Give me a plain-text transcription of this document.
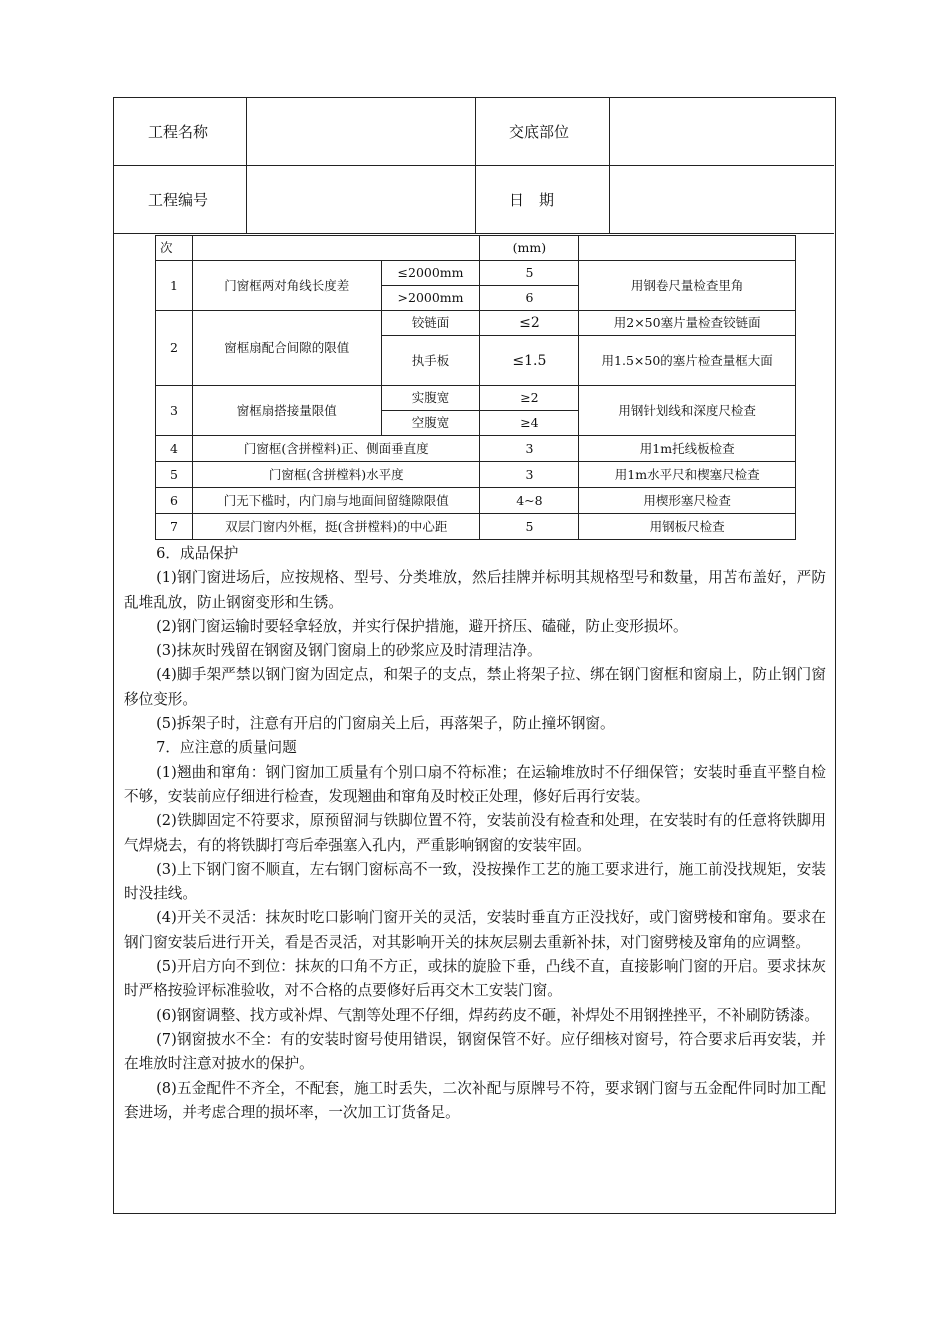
工程名称	交底部位
工程编号	日　期
次			(mm)	
1	门窗框两对角线长度差	≤2000mm	5	用钢卷尺量检查里角
		>2000mm	6	
2	窗框扇配合间隙的限值	铰链面	≤2	用2×50塞片量检查铰链面
		执手板	≤1.5	用1.5×50的塞片检查量框大面
3	窗框扇搭接量限值	实腹宽	≥2	用钢针划线和深度尺检查
		空腹宽	≥4	
4	门窗框(含拼樘料)正、侧面垂直度		3	用1m托线板检查
5	门窗框(含拼樘料)水平度		3	用1m水平尺和楔塞尺检查
6	门无下槛时，内门扇与地面间留缝隙限值		4~8	用楔形塞尺检查
7	双层门窗内外框，挺(含拼樘料)的中心距		5	用钢板尺检查

6．成品保护

(1)钢门窗进场后，应按规格、型号、分类堆放，然后挂牌并标明其规格型号和数量，用苫布盖好，严防乱堆乱放，防止钢窗变形和生锈。

(2)钢门窗运输时要轻拿轻放，并实行保护措施，避开挤压、磕碰，防止变形损坏。

(3)抹灰时残留在钢窗及钢门窗扇上的砂浆应及时清理洁净。

(4)脚手架严禁以钢门窗为固定点，和架子的支点，禁止将架子拉、绑在钢门窗框和窗扇上，防止钢门窗移位变形。

(5)拆架子时，注意有开启的门窗扇关上后，再落架子，防止撞坏钢窗。

7．应注意的质量问题

(1)翘曲和窜角：钢门窗加工质量有个别口扇不符标准；在运输堆放时不仔细保管；安装时垂直平整自检不够，安装前应仔细进行检查，发现翘曲和窜角及时校正处理，修好后再行安装。

(2)铁脚固定不符要求，原预留洞与铁脚位置不符，安装前没有检查和处理，在安装时有的任意将铁脚用气焊烧去，有的将铁脚打弯后牵强塞入孔内，严重影响钢窗的安装牢固。

(3)上下钢门窗不顺直，左右钢门窗标高不一致，没按操作工艺的施工要求进行，施工前没找规矩，安装时没挂线。

(4)开关不灵活：抹灰时吃口影响门窗开关的灵活，安装时垂直方正没找好，或门窗劈棱和窜角。要求在钢门窗安装后进行开关，看是否灵活，对其影响开关的抹灰层剔去重新补抹，对门窗劈棱及窜角的应调整。

(5)开启方向不到位：抹灰的口角不方正，或抹的旋脸下垂，凸线不直，直接影响门窗的开启。要求抹灰时严格按验评标准验收，对不合格的点要修好后再交木工安装门窗。

(6)钢窗调整、找方或补焊、气割等处理不仔细，焊药药皮不砸，补焊处不用钢挫挫平，不补刷防锈漆。

(7)钢窗披水不全：有的安装时窗号使用错误，钢窗保管不好。应仔细核对窗号，符合要求后再安装，并在堆放时注意对披水的保护。

(8)五金配件不齐全，不配套，施工时丢失，二次补配与原牌号不符，要求钢门窗与五金配件同时加工配套进场，并考虑合理的损坏率，一次加工订货备足。
